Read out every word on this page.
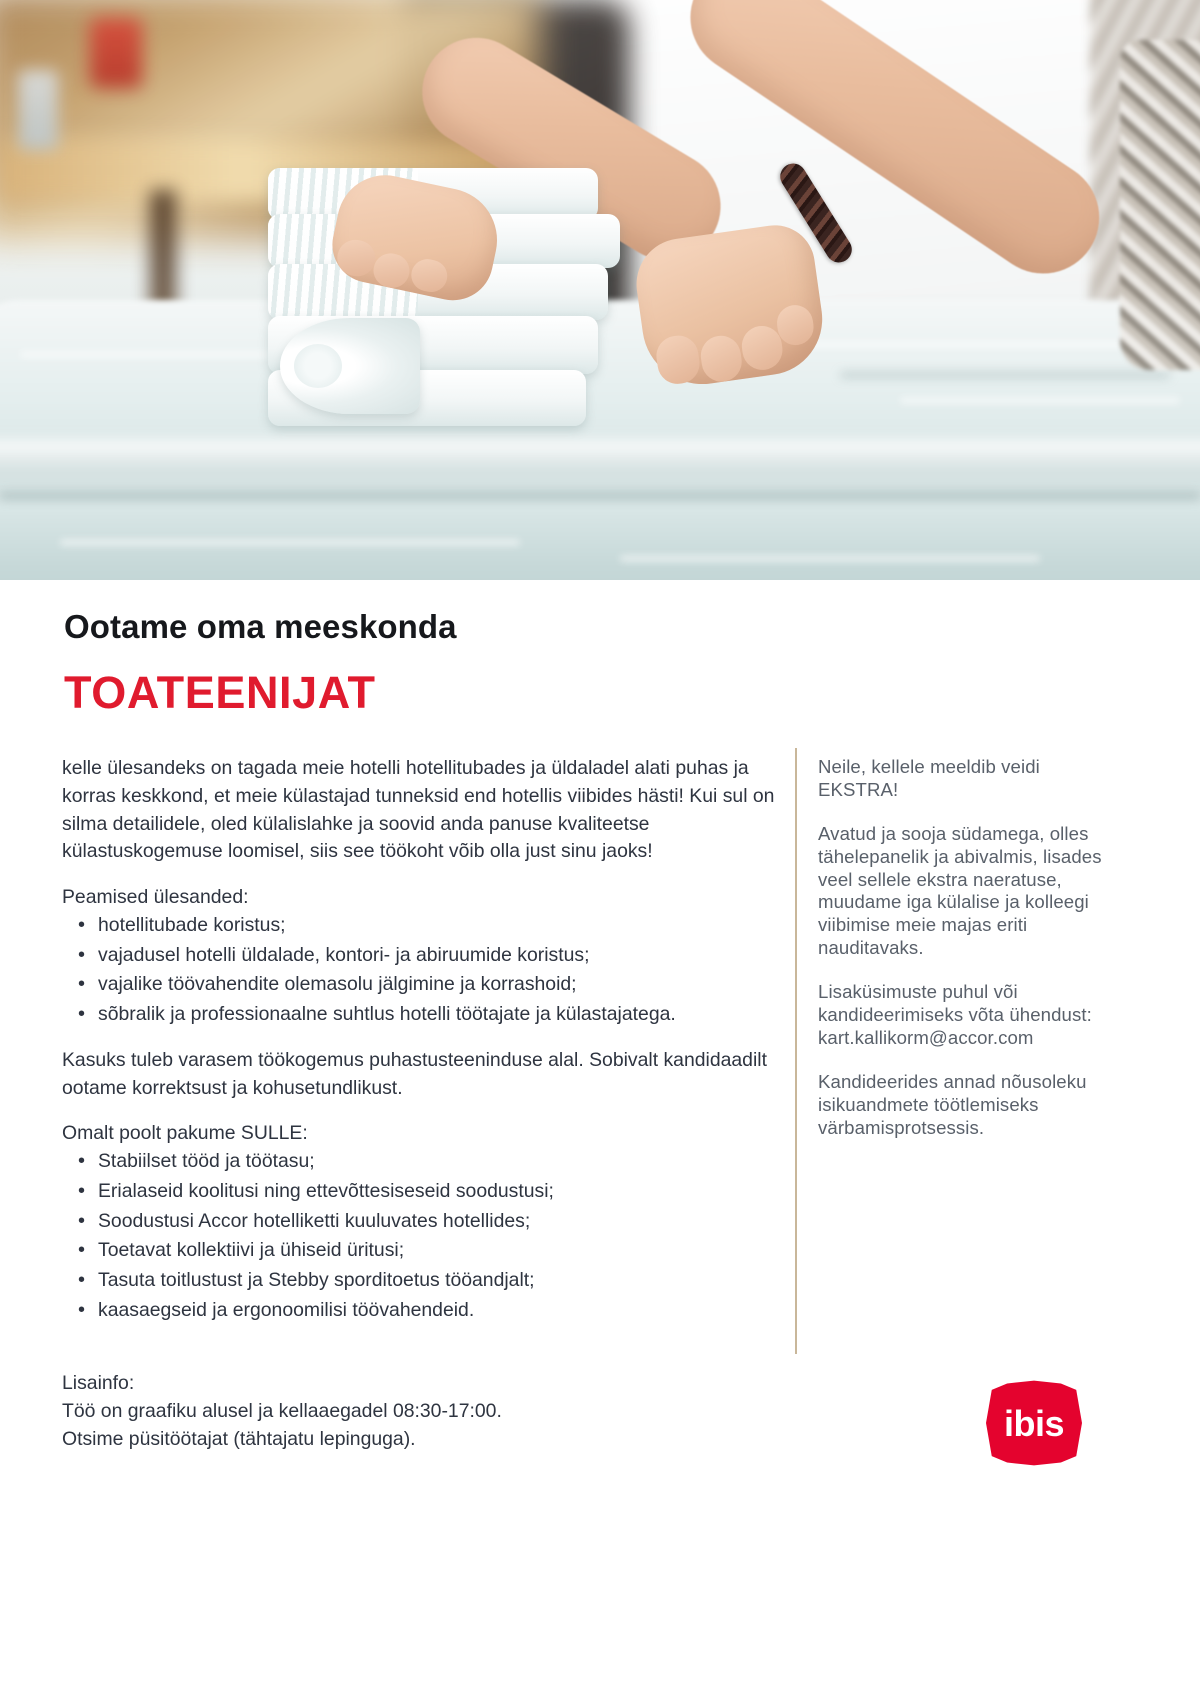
Ootame oma meeskonda
TOATEENIJAT

kelle ülesandeks on tagada meie hotelli hotellitubades ja üldaladel alati puhas ja korras keskkond, et meie külastajad tunneksid end hotellis viibides hästi! Kui sul on silma detailidele, oled külalislahke ja soovid anda panuse kvaliteetse külastuskogemuse loomisel, siis see töökoht võib olla just sinu jaoks!

Peamised ülesanded:

• hotellitubade koristus;
• vajadusel hotelli üldalade, kontori- ja abiruumide koristus;
• vajalike töövahendite olemasolu jälgimine ja korrashoid;
• sõbralik ja professionaalne suhtlus hotelli töötajate ja külastajatega.

Kasuks tuleb varasem töökogemus puhastusteeninduse alal. Sobivalt kandidaadilt ootame korrektsust ja kohusetundlikust.

Omalt poolt pakume SULLE:

• Stabiilset tööd ja töötasu;
• Erialaseid koolitusi ning ettevõttesiseseid soodustusi;
• Soodustusi Accor hotelliketti kuuluvates hotellides;
• Toetavat kollektiivi ja ühiseid üritusi;
• Tasuta toitlustust ja Stebby sporditoetus tööandjalt;
• kaasaegseid ja ergonoomilisi töövahendeid.

Neile, kellele meeldib veidi EKSTRA!

Avatud ja sooja südamega, olles tähelepanelik ja abivalmis, lisades veel sellele ekstra naeratuse, muudame iga külalise ja kolleegi viibimise meie majas eriti nauditavaks.

Lisaküsimuste puhul või kandideerimiseks võta ühendust:
kart.kallikorm@accor.com

Kandideerides annad nõusoleku isikuandmete töötlemiseks värbamisprotsessis.

Lisainfo:
Töö on graafiku alusel ja kellaaegadel 08:30-17:00.
Otsime püsitöötajat (tähtajatu lepinguga).	ibis
